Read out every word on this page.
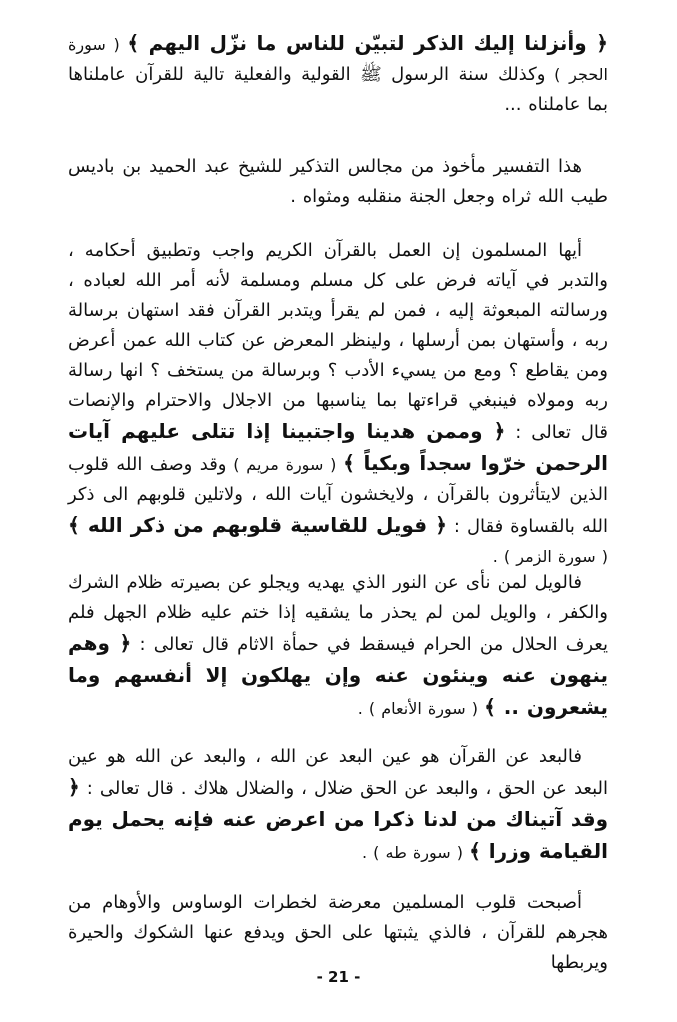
﴿ وأنزلنا إليك الذكر لتبيّن للناس ما نزّل اليهم ﴾ ( سورة الحجر ) وكذلك سنة الرسول ﷺ القولية والفعلية تالية للقرآن عاملناها بما عاملناه ...

هذا التفسير مأخوذ من مجالس التذكير للشيخ عبد الحميد بن باديس طيب الله ثراه وجعل الجنة منقلبه ومثواه .

أيها المسلمون إن العمل بالقرآن الكريم واجب وتطبيق أحكامه ، والتدبر في آياته فرض على كل مسلم ومسلمة لأنه أمر الله لعباده ، ورسالته المبعوثة إليه ، فمن لم يقرأ ويتدبر القرآن فقد استهان برسالة ربه ، وأستهان بمن أرسلها ، ولينظر المعرض عن كتاب الله عمن أعرض ومن يقاطع ؟ ومع من يسيء الأدب ؟ وبرسالة من يستخف ؟ انها رسالة ربه ومولاه فينبغي قراءتها بما يناسبها من الاجلال والاحترام والإنصات قال تعالى : ﴿ وممن هدينا واجتبينا إذا تتلى عليهم آيات الرحمن خرّوا سجداً وبكياً ﴾ ( سورة مريم ) وقد وصف الله قلوب الذين لايتأثرون بالقرآن ، ولايخشون آيات الله ، ولاتلين قلوبهم الى ذكر الله بالقساوة فقال : ﴿ فويل للقاسية قلوبهم من ذكر الله ﴾ ( سورة الزمر ) .

فالويل لمن نأى عن النور الذي يهديه ويجلو عن بصيرته ظلام الشرك والكفر ، والويل لمن لم يحذر ما يشقيه إذا ختم عليه ظلام الجهل فلم يعرف الحلال من الحرام فيسقط في حمأة الاثام قال تعالى : ﴿ وهم ينهون عنه وينئون عنه وإن يهلكون إلا أنفسهم وما يشعرون .. ﴾ ( سورة الأنعام ) .

فالبعد عن القرآن هو عين البعد عن الله ، والبعد عن الله هو عين البعد عن الحق ، والبعد عن الحق ضلال ، والضلال هلاك . قال تعالى : ﴿ وقد آتيناك من لدنا ذكرا من اعرض عنه فإنه يحمل يوم القيامة وزرا ﴾ ( سورة طه ) .

أصبحت قلوب المسلمين معرضة لخطرات الوساوس والأوهام من هجرهم للقرآن ، فالذي يثبتها على الحق ويدفع عنها الشكوك والحيرة ويربطها

- 21 -
